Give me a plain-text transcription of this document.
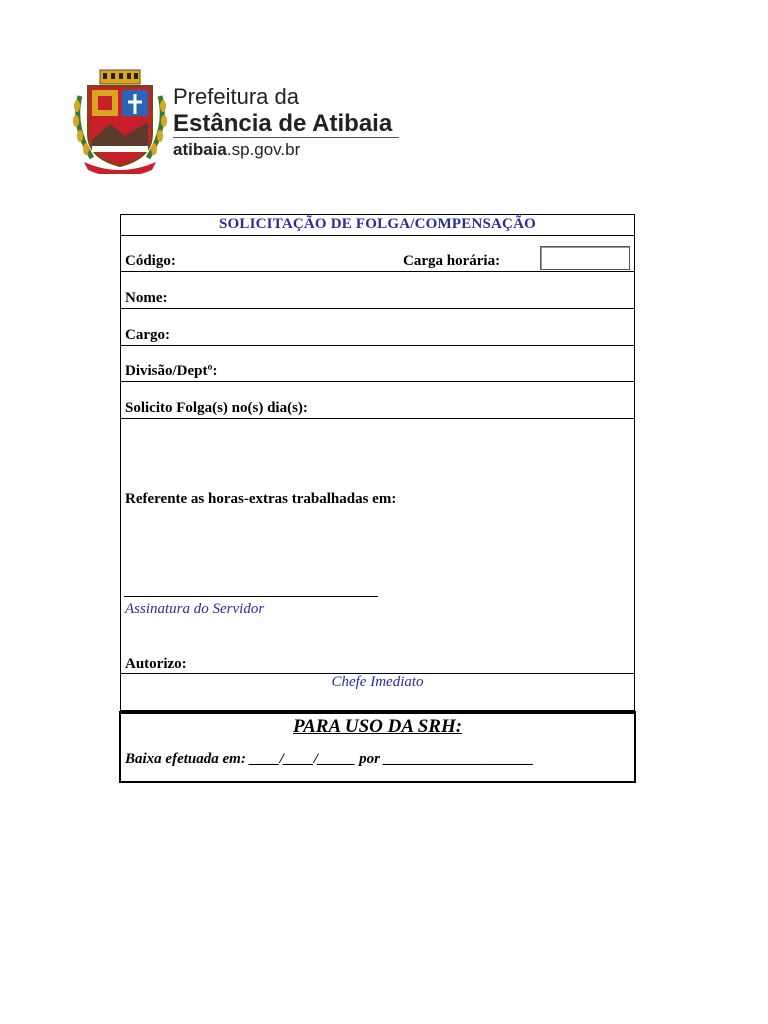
Prefeitura da
Estância de Atibaia
atibaia.sp.gov.br
SOLICITAÇÃO DE FOLGA/COMPENSAÇÃO
Código:	Carga horária:
Nome:
Cargo:
Divisão/Deptº:
Solicito Folga(s) no(s) dia(s):
Referente as horas-extras trabalhadas em:
Assinatura do Servidor
Autorizo:
Chefe Imediato
PARA USO DA SRH:
Baixa efetuada em: ____/____/_____ por ____________________
